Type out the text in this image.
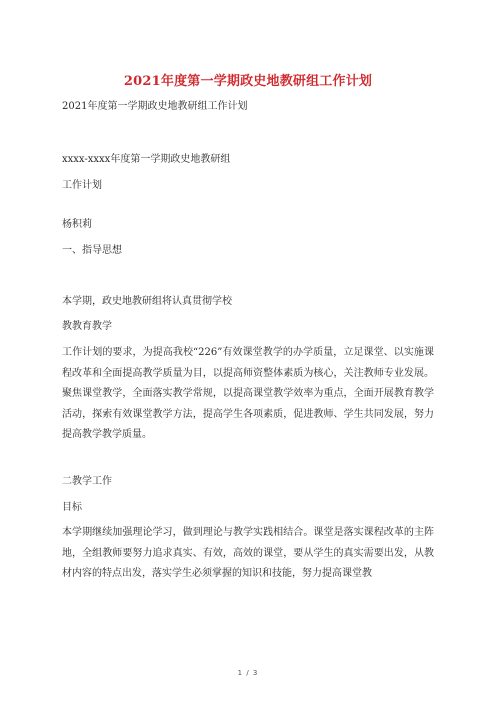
2021年度第一学期政史地教研组工作计划
2021年度第一学期政史地教研组工作计划
xxxx-xxxx年度第一学期政史地教研组
工作计划
杨积莉
一、指导思想
本学期，政史地教研组将认真贯彻学校
教教育教学
工作计划的要求，为提高我校“226”有效课堂教学的办学质量，立足课堂、以实施课程改革和全面提高教学质量为目，以提高师资整体素质为核心，关注教师专业发展。聚焦课堂教学，全面落实教学常规，以提高课堂教学效率为重点，全面开展教育教学活动，探索有效课堂教学方法，提高学生各项素质，促进教师、学生共同发展，努力提高教学教学质量。
二教学工作
目标
本学期继续加强理论学习，做到理论与教学实践相结合。课堂是落实课程改革的主阵地，全组教师要努力追求真实、有效，高效的课堂，要从学生的真实需要出发，从教材内容的特点出发，落实学生必须掌握的知识和技能，努力提高课堂教
1 / 3
